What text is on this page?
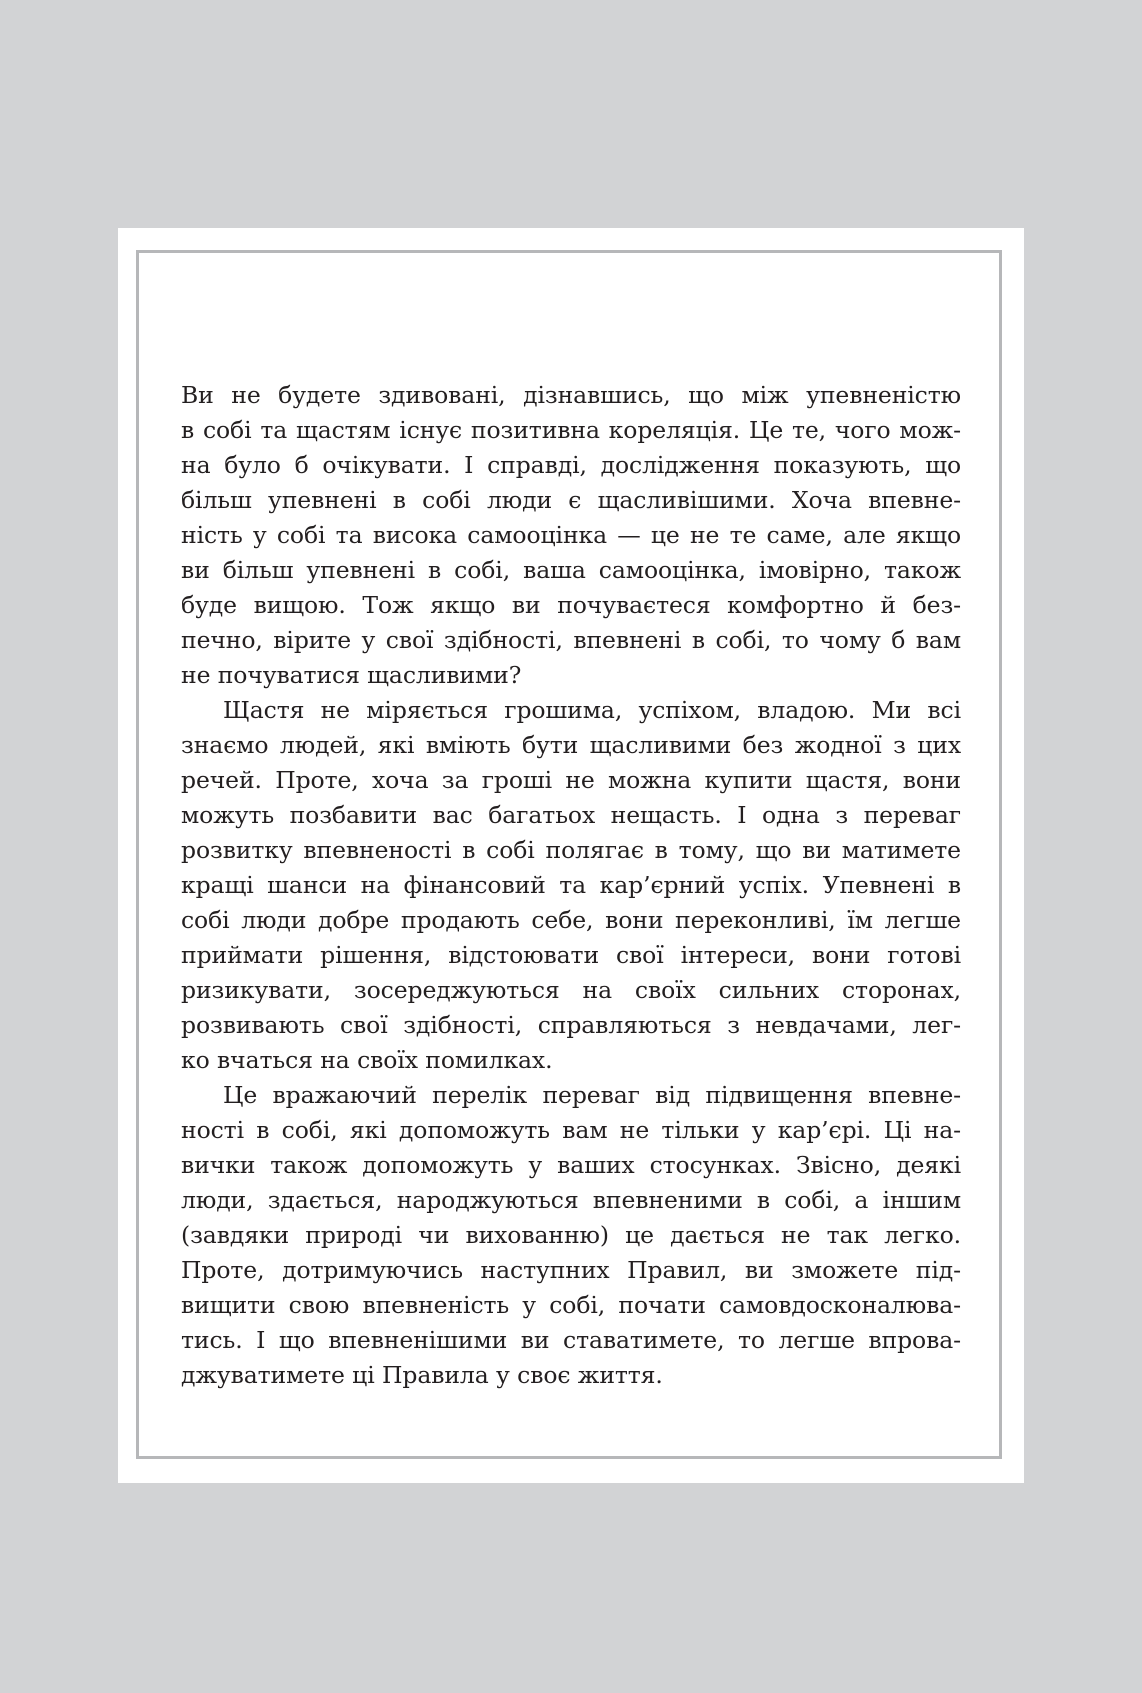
Ви не будете здивовані, дізнавшись, що між упевненістю
в собі та щастям існує позитивна кореляція. Це те, чого мож-
на було б очікувати. І справді, дослідження показують, що
більш упевнені в собі люди є щасливішими. Хоча впевне-
ність у собі та висока самооцінка — це не те саме, але якщо
ви більш упевнені в собі, ваша самооцінка, імовірно, також
буде вищою. Тож якщо ви почуваєтеся комфортно й без-
печно, вірите у свої здібності, впевнені в собі, то чому б вам
не почуватися щасливими?
Щастя не міряється грошима, успіхом, владою. Ми всі
знаємо людей, які вміють бути щасливими без жодної з цих
речей. Проте, хоча за гроші не можна купити щастя, вони
можуть позбавити вас багатьох нещасть. І одна з переваг
розвитку впевненості в собі полягає в тому, що ви матимете
кращі шанси на фінансовий та кар’єрний успіх. Упевнені в
собі люди добре продають себе, вони переконливі, їм легше
приймати рішення, відстоювати свої інтереси, вони готові
ризикувати, зосереджуються на своїх сильних сторонах,
розвивають свої здібності, справляються з невдачами, лег-
ко вчаться на своїх помилках.
Це вражаючий перелік переваг від підвищення впевне-
ності в собі, які допоможуть вам не тільки у кар’єрі. Ці на-
вички також допоможуть у ваших стосунках. Звісно, деякі
люди, здається, народжуються впевненими в собі, а іншим
(завдяки природі чи вихованню) це дається не так легко.
Проте, дотримуючись наступних Правил, ви зможете під-
вищити свою впевненість у собі, почати самовдосконалюва-
тись. І що впевненішими ви ставатимете, то легше впрова-
джуватимете ці Правила у своє життя.
